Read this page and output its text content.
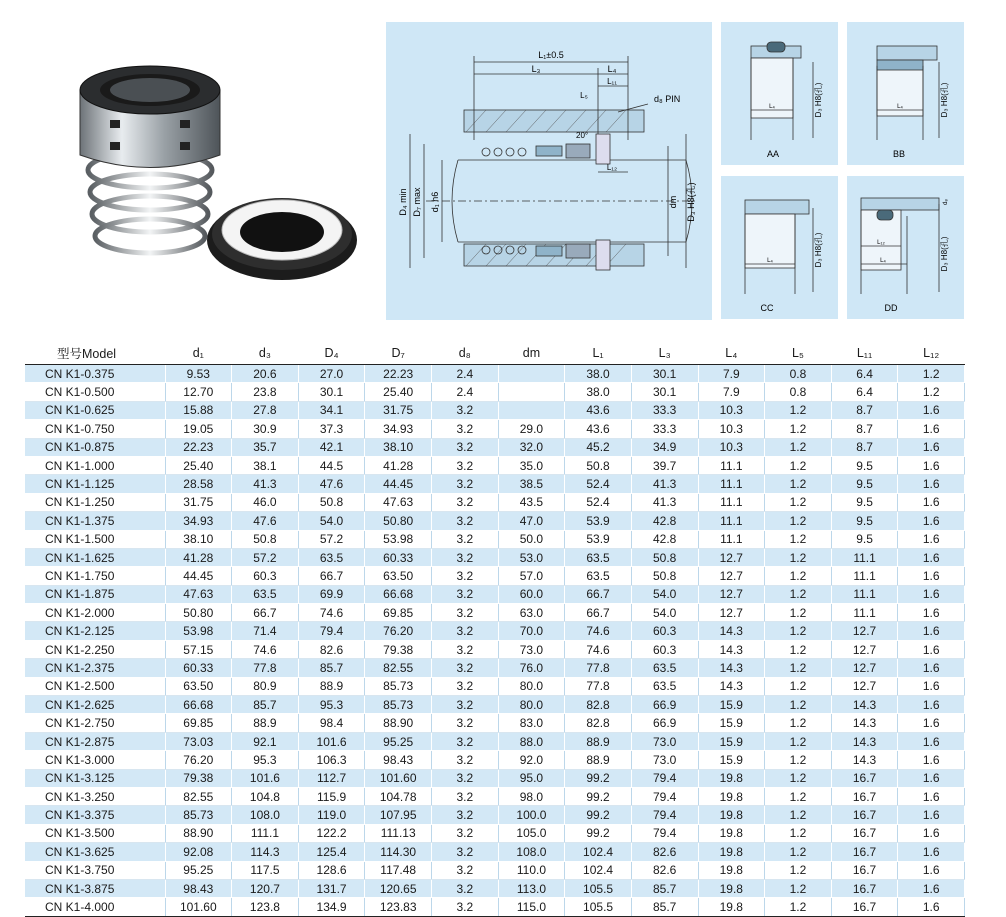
L₁±0.5
L₃	L₄
L₁₁
L₅	d₈ PIN
20°
L₁₂
D₄ min D₇ max d₁ h6	dm D₃ H8(孔)
L₄	D₃ H8(孔)
AA
L₄	D₃ H8(孔)
BB
L₄	D₃ H8(孔)
CC
L₁₂
L₄
d₈
D₃ H8(孔)
DD
型号Model	d₁	d₃	D₄	D₇	d₈	dm	L₁	L₃	L₄	L₅	L₁₁	L₁₂
CN K1-0.375	9.53	20.6	27.0	22.23	2.4		38.0	30.1	7.9	0.8	6.4	1.2
CN K1-0.500	12.70	23.8	30.1	25.40	2.4		38.0	30.1	7.9	0.8	6.4	1.2
CN K1-0.625	15.88	27.8	34.1	31.75	3.2		43.6	33.3	10.3	1.2	8.7	1.6
CN K1-0.750	19.05	30.9	37.3	34.93	3.2	29.0	43.6	33.3	10.3	1.2	8.7	1.6
CN K1-0.875	22.23	35.7	42.1	38.10	3.2	32.0	45.2	34.9	10.3	1.2	8.7	1.6
CN K1-1.000	25.40	38.1	44.5	41.28	3.2	35.0	50.8	39.7	11.1	1.2	9.5	1.6
CN K1-1.125	28.58	41.3	47.6	44.45	3.2	38.5	52.4	41.3	11.1	1.2	9.5	1.6
CN K1-1.250	31.75	46.0	50.8	47.63	3.2	43.5	52.4	41.3	11.1	1.2	9.5	1.6
CN K1-1.375	34.93	47.6	54.0	50.80	3.2	47.0	53.9	42.8	11.1	1.2	9.5	1.6
CN K1-1.500	38.10	50.8	57.2	53.98	3.2	50.0	53.9	42.8	11.1	1.2	9.5	1.6
CN K1-1.625	41.28	57.2	63.5	60.33	3.2	53.0	63.5	50.8	12.7	1.2	11.1	1.6
CN K1-1.750	44.45	60.3	66.7	63.50	3.2	57.0	63.5	50.8	12.7	1.2	11.1	1.6
CN K1-1.875	47.63	63.5	69.9	66.68	3.2	60.0	66.7	54.0	12.7	1.2	11.1	1.6
CN K1-2.000	50.80	66.7	74.6	69.85	3.2	63.0	66.7	54.0	12.7	1.2	11.1	1.6
CN K1-2.125	53.98	71.4	79.4	76.20	3.2	70.0	74.6	60.3	14.3	1.2	12.7	1.6
CN K1-2.250	57.15	74.6	82.6	79.38	3.2	73.0	74.6	60.3	14.3	1.2	12.7	1.6
CN K1-2.375	60.33	77.8	85.7	82.55	3.2	76.0	77.8	63.5	14.3	1.2	12.7	1.6
CN K1-2.500	63.50	80.9	88.9	85.73	3.2	80.0	77.8	63.5	14.3	1.2	12.7	1.6
CN K1-2.625	66.68	85.7	95.3	85.73	3.2	80.0	82.8	66.9	15.9	1.2	14.3	1.6
CN K1-2.750	69.85	88.9	98.4	88.90	3.2	83.0	82.8	66.9	15.9	1.2	14.3	1.6
CN K1-2.875	73.03	92.1	101.6	95.25	3.2	88.0	88.9	73.0	15.9	1.2	14.3	1.6
CN K1-3.000	76.20	95.3	106.3	98.43	3.2	92.0	88.9	73.0	15.9	1.2	14.3	1.6
CN K1-3.125	79.38	101.6	112.7	101.60	3.2	95.0	99.2	79.4	19.8	1.2	16.7	1.6
CN K1-3.250	82.55	104.8	115.9	104.78	3.2	98.0	99.2	79.4	19.8	1.2	16.7	1.6
CN K1-3.375	85.73	108.0	119.0	107.95	3.2	100.0	99.2	79.4	19.8	1.2	16.7	1.6
CN K1-3.500	88.90	111.1	122.2	111.13	3.2	105.0	99.2	79.4	19.8	1.2	16.7	1.6
CN K1-3.625	92.08	114.3	125.4	114.30	3.2	108.0	102.4	82.6	19.8	1.2	16.7	1.6
CN K1-3.750	95.25	117.5	128.6	117.48	3.2	110.0	102.4	82.6	19.8	1.2	16.7	1.6
CN K1-3.875	98.43	120.7	131.7	120.65	3.2	113.0	105.5	85.7	19.8	1.2	16.7	1.6
CN K1-4.000	101.60	123.8	134.9	123.83	3.2	115.0	105.5	85.7	19.8	1.2	16.7	1.6
